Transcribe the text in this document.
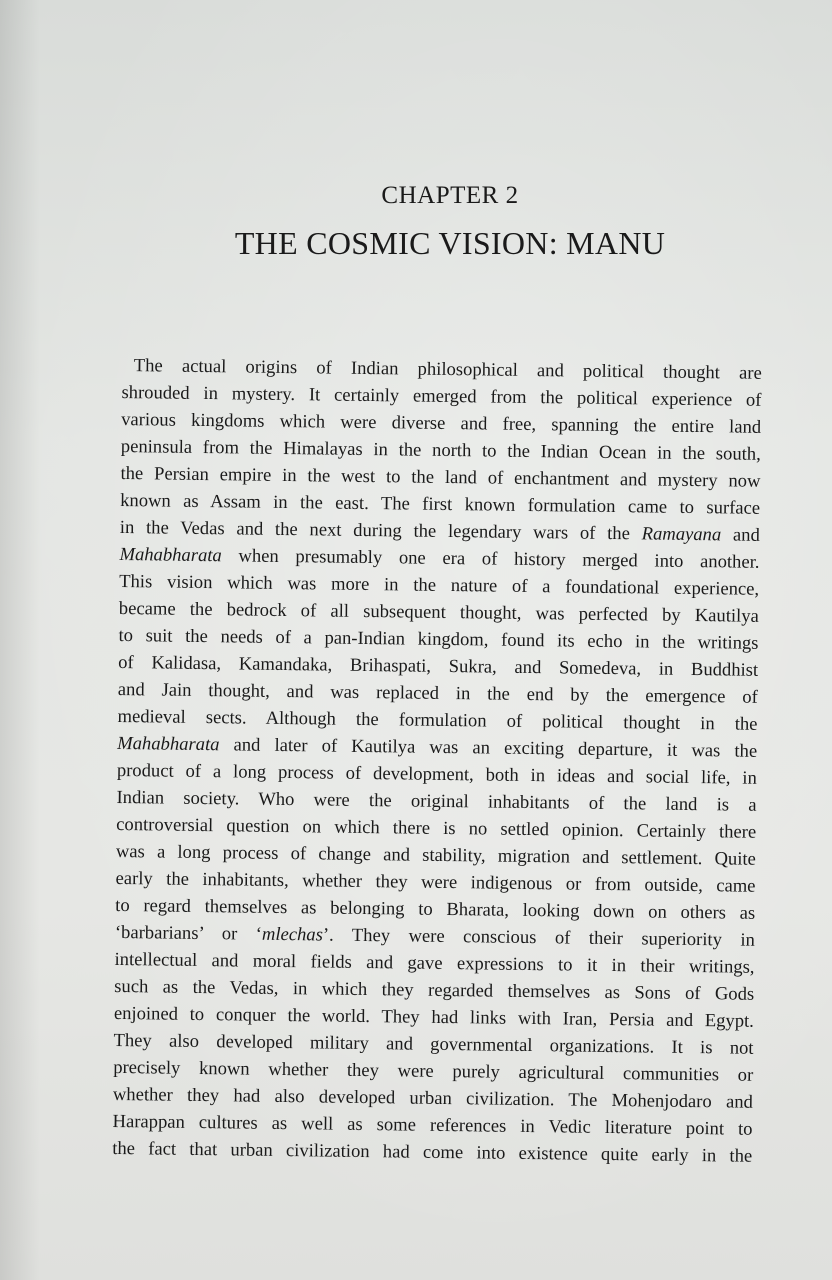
CHAPTER 2
THE COSMIC VISION: MANU
The actual origins of Indian philosophical and political thought are
shrouded in mystery. It certainly emerged from the political experience of
various kingdoms which were diverse and free, spanning the entire land
peninsula from the Himalayas in the north to the Indian Ocean in the south,
the Persian empire in the west to the land of enchantment and mystery now
known as Assam in the east. The first known formulation came to surface
in the Vedas and the next during the legendary wars of the Ramayana and
Mahabharata when presumably one era of history merged into another.
This vision which was more in the nature of a foundational experience,
became the bedrock of all subsequent thought, was perfected by Kautilya
to suit the needs of a pan-Indian kingdom, found its echo in the writings
of Kalidasa, Kamandaka, Brihaspati, Sukra, and Somedeva, in Buddhist
and Jain thought, and was replaced in the end by the emergence of
medieval sects. Although the formulation of political thought in the
Mahabharata and later of Kautilya was an exciting departure, it was the
product of a long process of development, both in ideas and social life, in
Indian society. Who were the original inhabitants of the land is a
controversial question on which there is no settled opinion. Certainly there
was a long process of change and stability, migration and settlement. Quite
early the inhabitants, whether they were indigenous or from outside, came
to regard themselves as belonging to Bharata, looking down on others as
‘barbarians’ or ‘mlechas’. They were conscious of their superiority in
intellectual and moral fields and gave expressions to it in their writings,
such as the Vedas, in which they regarded themselves as Sons of Gods
enjoined to conquer the world. They had links with Iran, Persia and Egypt.
They also developed military and governmental organizations. It is not
precisely known whether they were purely agricultural communities or
whether they had also developed urban civilization. The Mohenjodaro and
Harappan cultures as well as some references in Vedic literature point to
the fact that urban civilization had come into existence quite early in the
